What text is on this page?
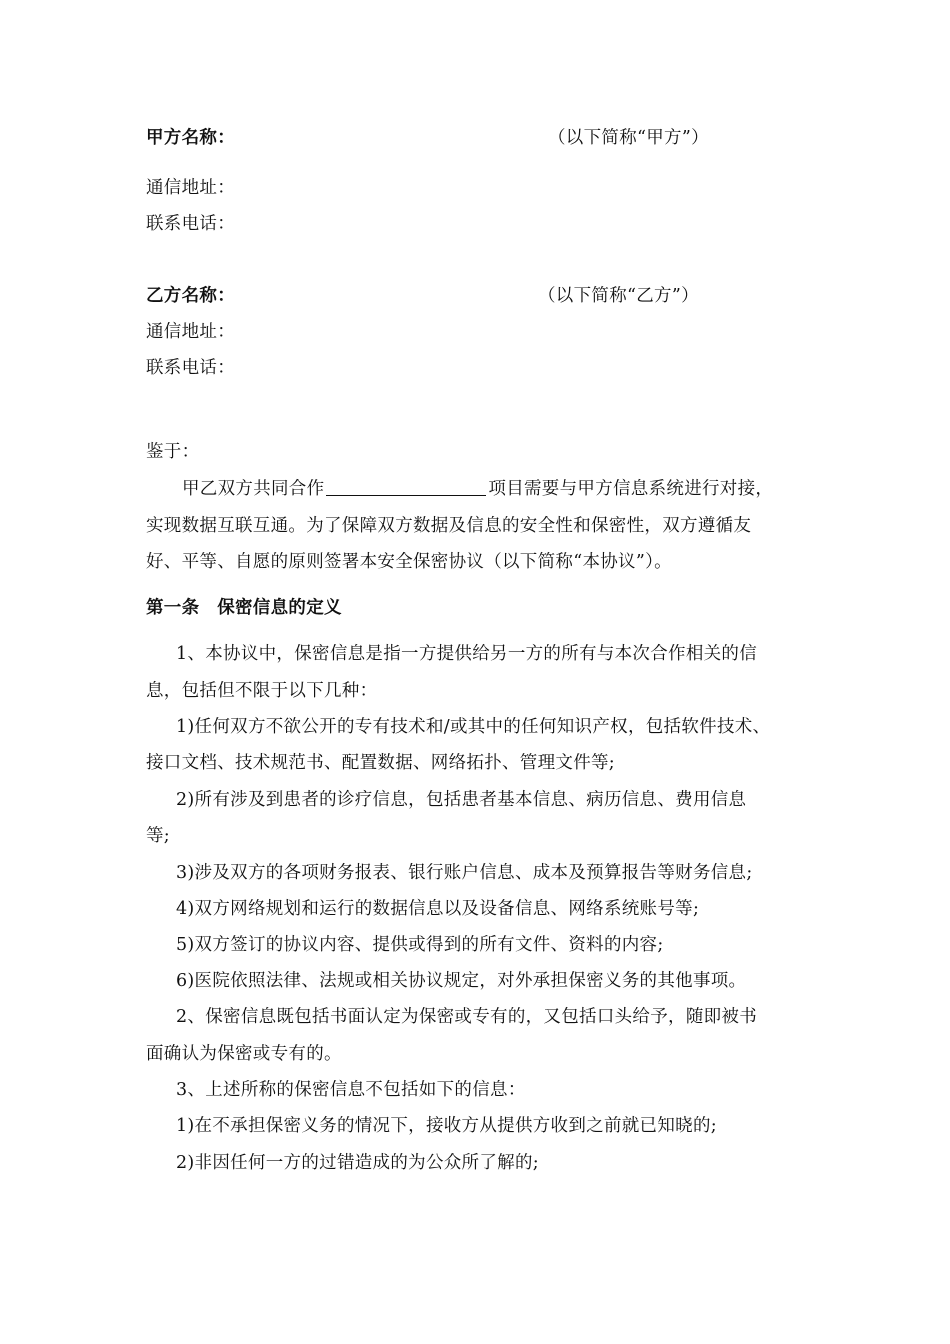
甲方名称：	（以下简称“甲方”）
通信地址：
联系电话：
乙方名称：	（以下简称“乙方”）
通信地址：
联系电话：
鉴于：
甲乙双方共同合作	项目需要与甲方信息系统进行对接，
实现数据互联互通。为了保障双方数据及信息的安全性和保密性，双方遵循友
好、平等、自愿的原则签署本安全保密协议（以下简称“本协议”）。
第一条　保密信息的定义
1、本协议中，保密信息是指一方提供给另一方的所有与本次合作相关的信
息，包括但不限于以下几种：
1)任何双方不欲公开的专有技术和/或其中的任何知识产权，包括软件技术、
接口文档、技术规范书、配置数据、网络拓扑、管理文件等;
2)所有涉及到患者的诊疗信息，包括患者基本信息、病历信息、费用信息
等;
3)涉及双方的各项财务报表、银行账户信息、成本及预算报告等财务信息;
4)双方网络规划和运行的数据信息以及设备信息、网络系统账号等;
5)双方签订的协议内容、提供或得到的所有文件、资料的内容;
6)医院依照法律、法规或相关协议规定，对外承担保密义务的其他事项。
2、保密信息既包括书面认定为保密或专有的，又包括口头给予，随即被书
面确认为保密或专有的。
3、上述所称的保密信息不包括如下的信息：
1)在不承担保密义务的情况下，接收方从提供方收到之前就已知晓的;
2)非因任何一方的过错造成的为公众所了解的;
